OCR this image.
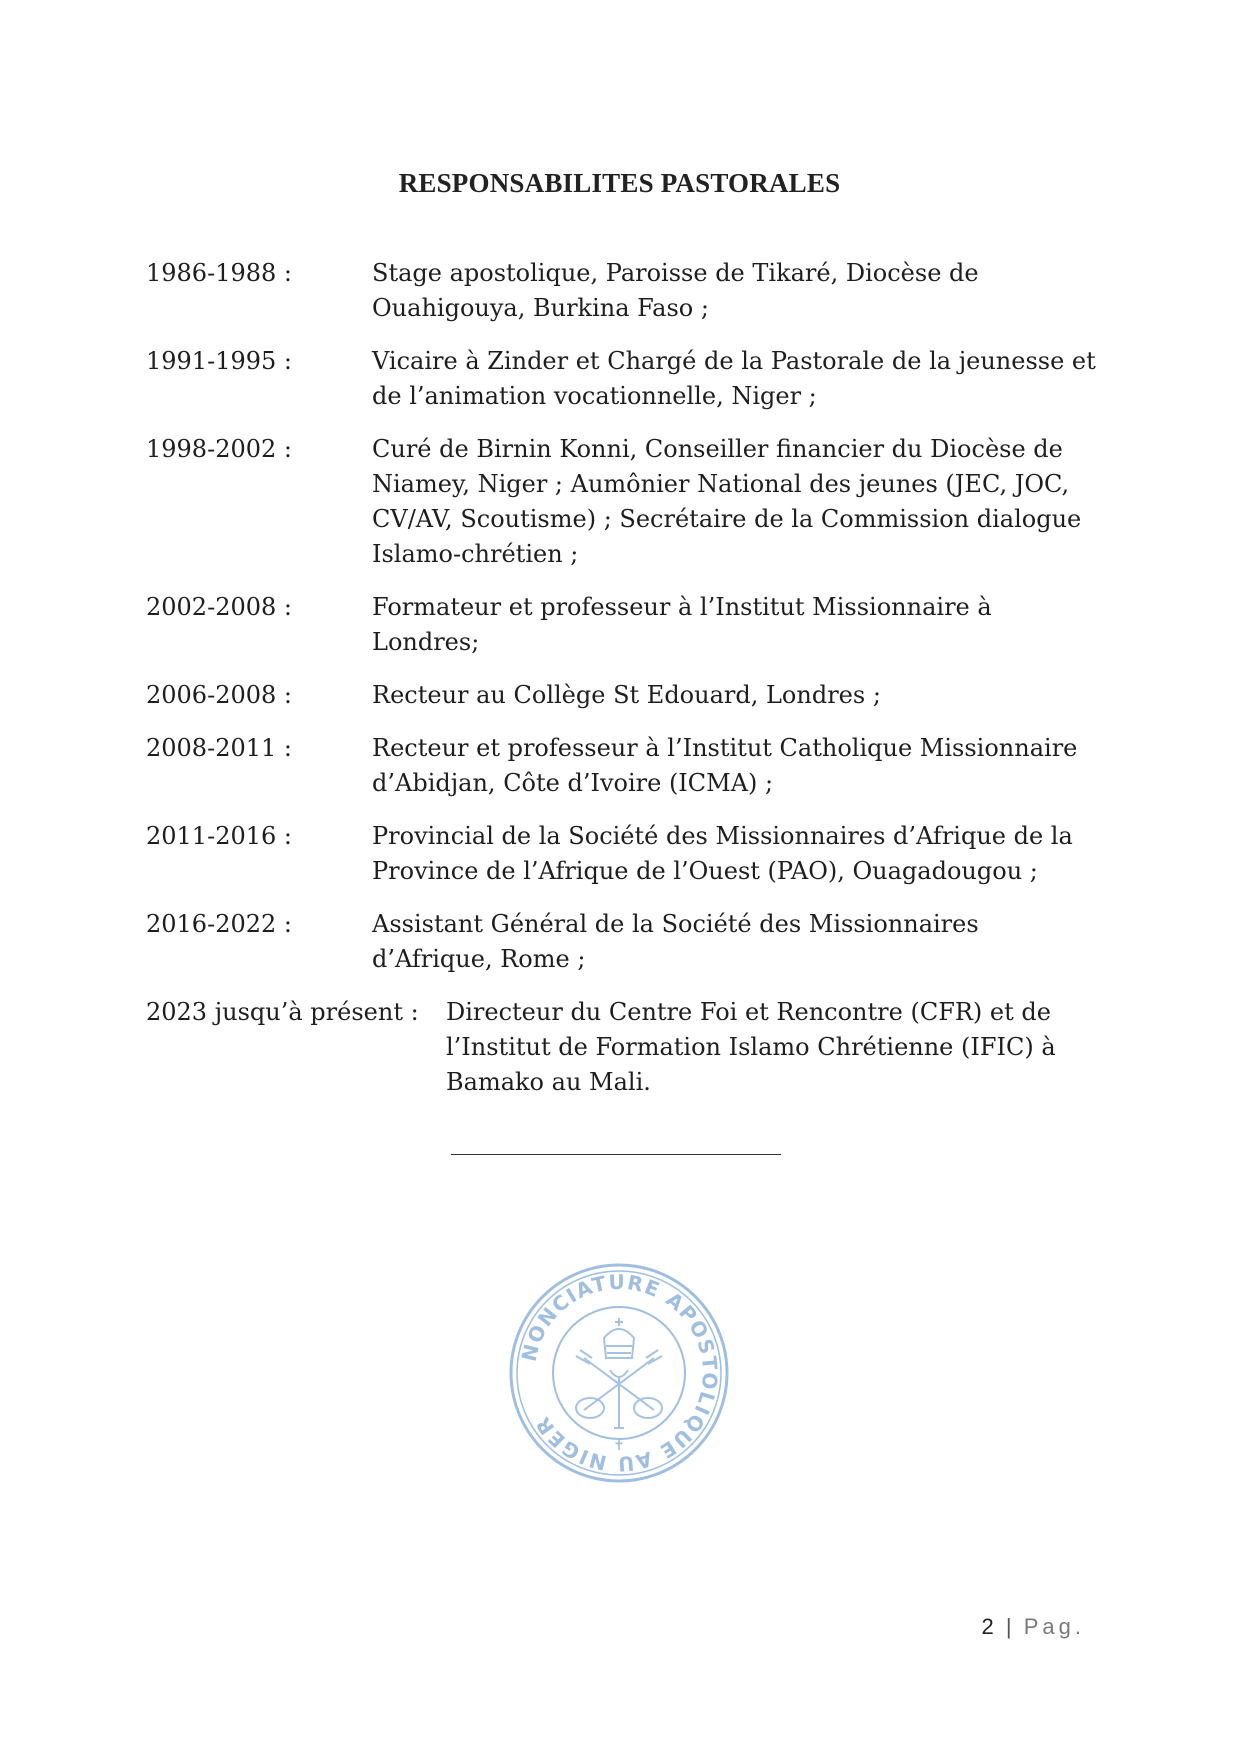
RESPONSABILITES PASTORALES
1986-1988 :	Stage apostolique, Paroisse de Tikaré, Diocèse de Ouahigouya, Burkina Faso ;
1991-1995 :	Vicaire à Zinder et Chargé de la Pastorale de la jeunesse et de l’animation vocationnelle, Niger ;
1998-2002 :	Curé de Birnin Konni, Conseiller financier du Diocèse de Niamey, Niger ; Aumônier National des jeunes (JEC, JOC, CV/AV, Scoutisme) ; Secrétaire de la Commission dialogue Islamo-chrétien ;
2002-2008 :	Formateur et professeur à l’Institut Missionnaire à Londres;
2006-2008 :	Recteur au Collège St Edouard, Londres ;
2008-2011 :	Recteur et professeur à l’Institut Catholique Missionnaire d’Abidjan, Côte d’Ivoire (ICMA) ;
2011-2016 :	Provincial de la Société des Missionnaires d’Afrique de la Province de l’Afrique de l’Ouest (PAO), Ouagadougou ;
2016-2022 :	Assistant Général de la Société des Missionnaires d’Afrique, Rome ;
2023 jusqu’à présent :	Directeur du Centre Foi et Rencontre (CFR) et de l’Institut de Formation Islamo Chrétienne (IFIC) à Bamako au Mali.
NONCIATURE APOSTOLIQUE AU NIGER
✝
2 | Pag.
